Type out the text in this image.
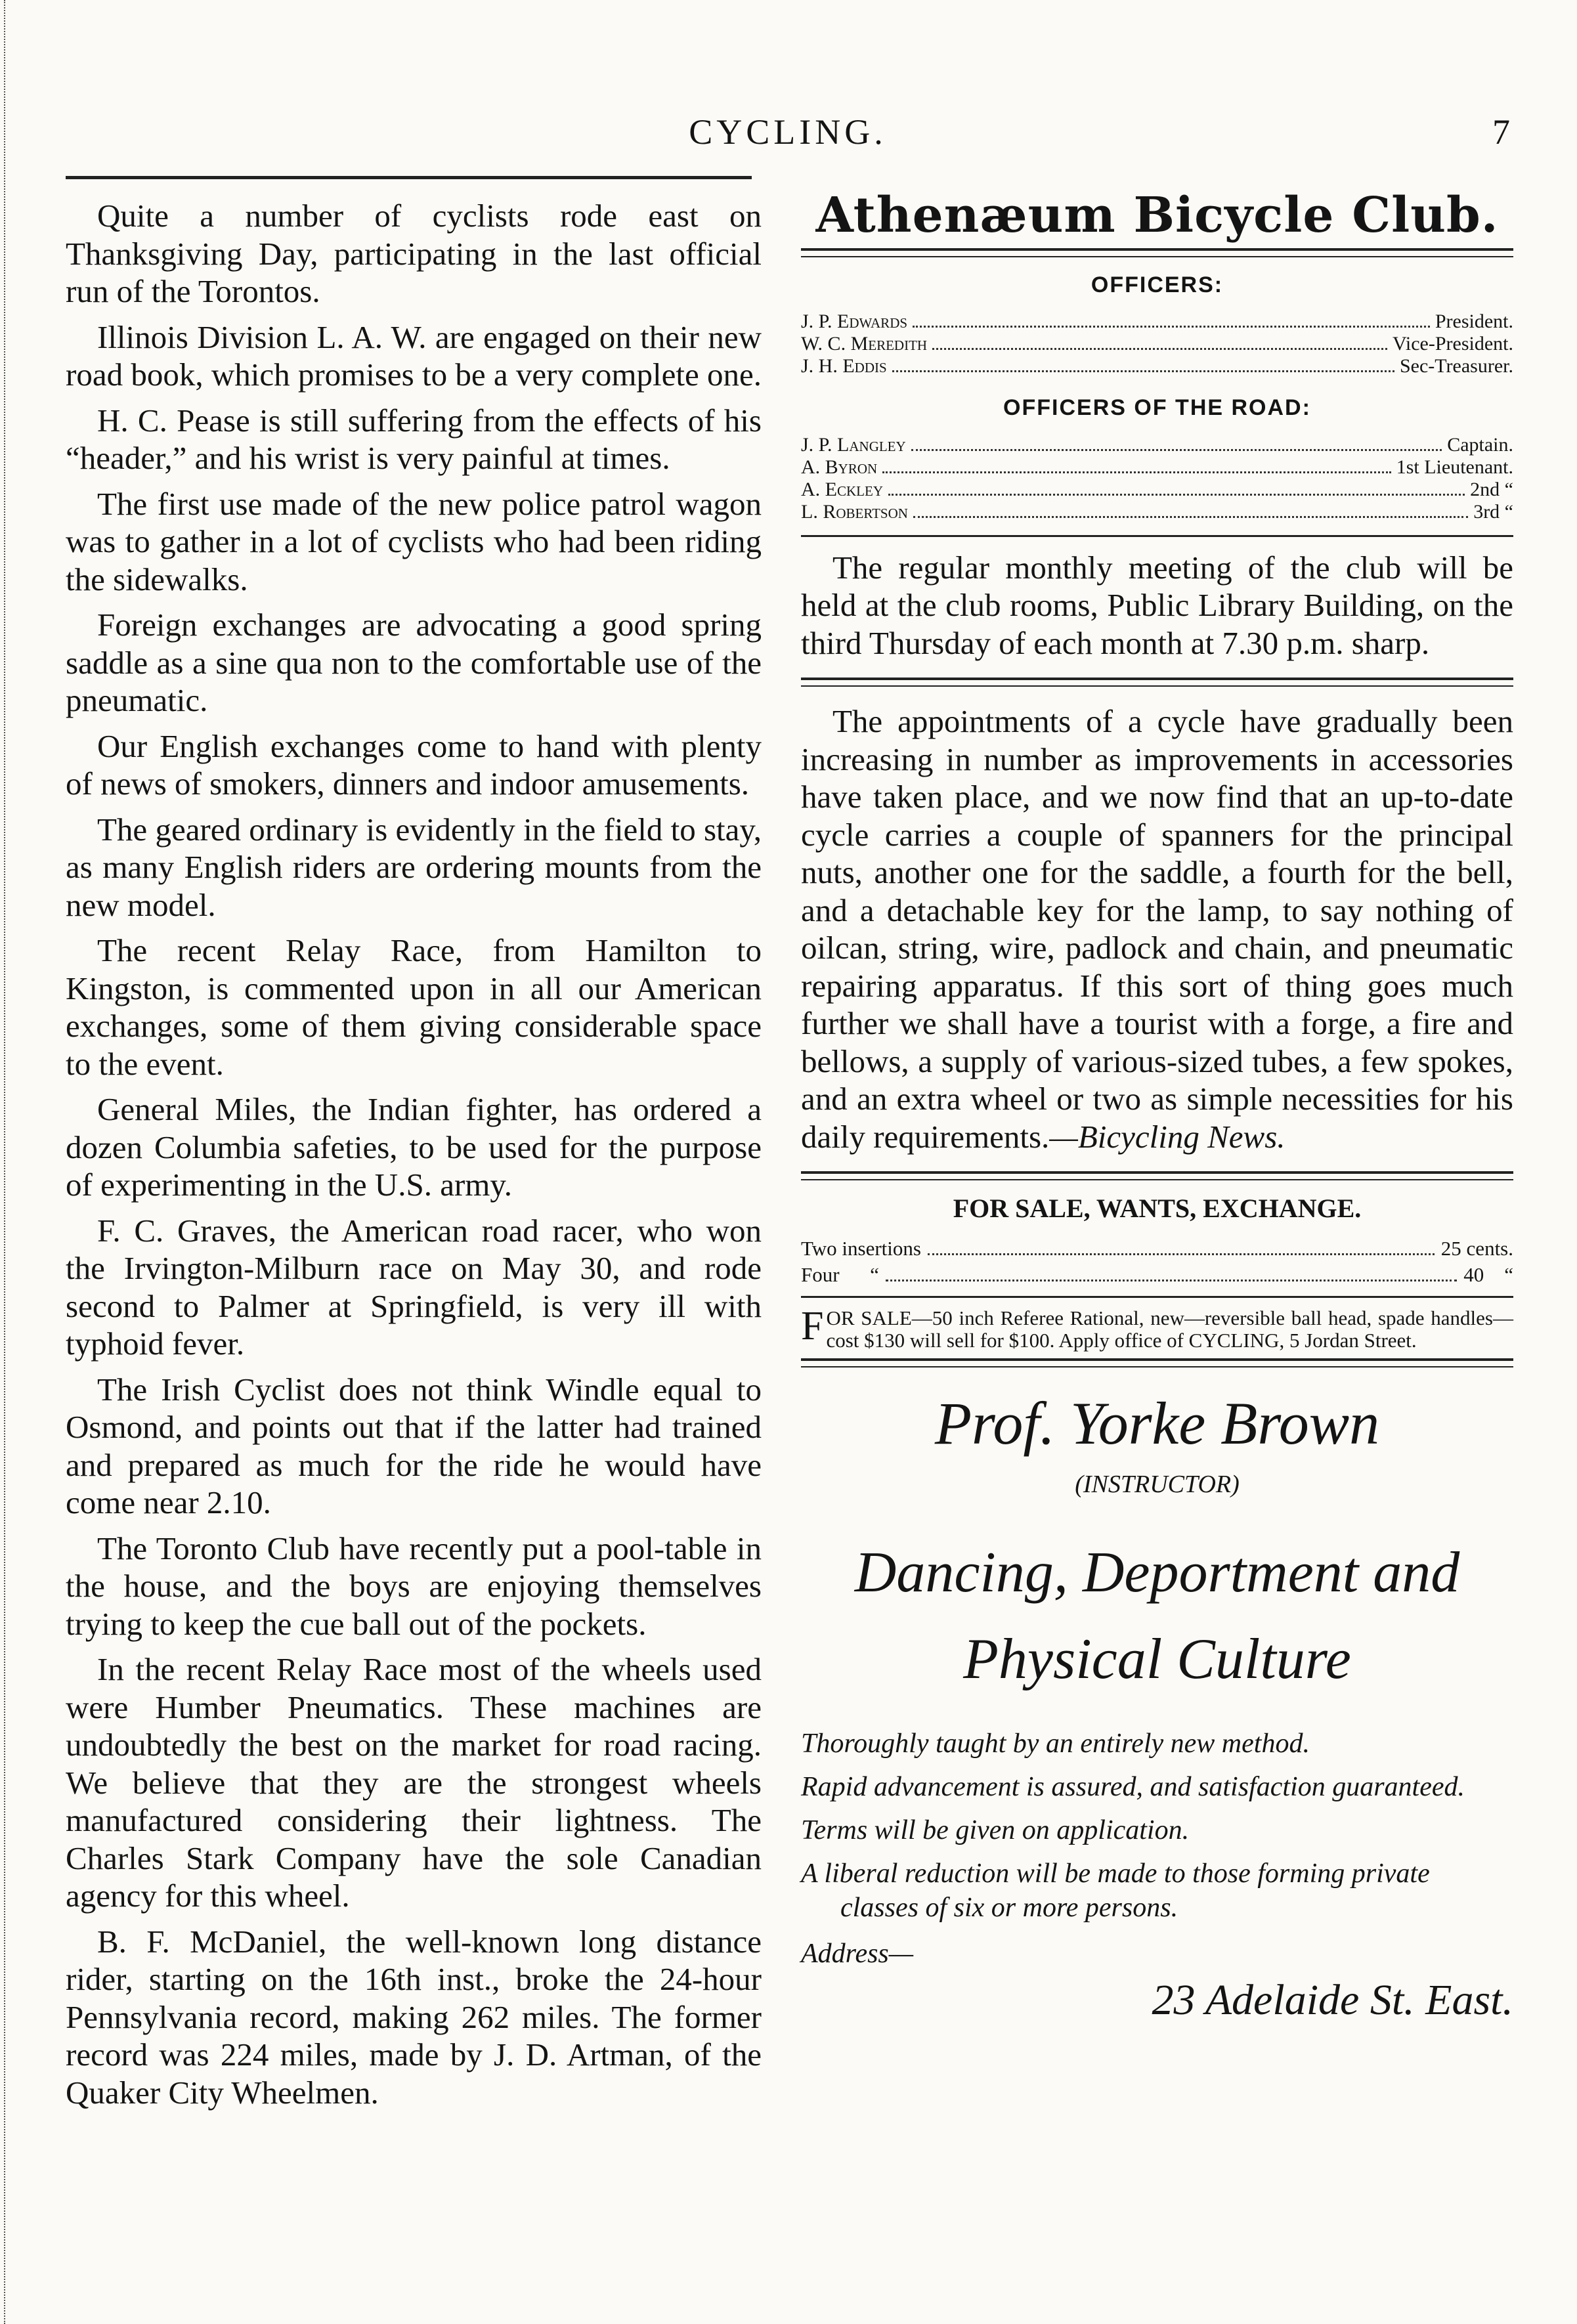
CYCLING.	7

Quite a number of cyclists rode east on Thanksgiving Day, participating in the last official run of the Torontos.

Illinois Division L. A. W. are engaged on their new road book, which promises to be a very complete one.

H. C. Pease is still suffering from the effects of his “header,” and his wrist is very painful at times.

The first use made of the new police patrol wagon was to gather in a lot of cyclists who had been riding the sidewalks.

Foreign exchanges are advocating a good spring saddle as a sine qua non to the comfortable use of the pneumatic.

Our English exchanges come to hand with plenty of news of smokers, dinners and indoor amusements.

The geared ordinary is evidently in the field to stay, as many English riders are ordering mounts from the new model.

The recent Relay Race, from Hamilton to Kingston, is commented upon in all our American exchanges, some of them giving considerable space to the event.

General Miles, the Indian fighter, has ordered a dozen Columbia safeties, to be used for the purpose of experimenting in the U.S. army.

F. C. Graves, the American road racer, who won the Irvington-Milburn race on May 30, and rode second to Palmer at Springfield, is very ill with typhoid fever.

The Irish Cyclist does not think Windle equal to Osmond, and points out that if the latter had trained and prepared as much for the ride he would have come near 2.10.

The Toronto Club have recently put a pool-table in the house, and the boys are enjoying themselves trying to keep the cue ball out of the pockets.

In the recent Relay Race most of the wheels used were Humber Pneumatics. These machines are undoubtedly the best on the market for road racing. We believe that they are the strongest wheels manufactured considering their lightness. The Charles Stark Company have the sole Canadian agency for this wheel.

B. F. McDaniel, the well-known long distance rider, starting on the 16th inst., broke the 24-hour Pennsylvania record, making 262 miles. The former record was 224 miles, made by J. D. Artman, of the Quaker City Wheelmen.

Athenæum Bicycle Club.
OFFICERS:
J. P. Edwards	President.
W. C. Meredith	Vice-President.
J. H. Eddis	Sec-Treasurer.
OFFICERS OF THE ROAD:
J. P. Langley	Captain.
A. Byron	1st Lieutenant.
A. Eckley	2nd “
L. Robertson	3rd “

The regular monthly meeting of the club will be held at the club rooms, Public Library Building, on the third Thursday of each month at 7.30 p.m. sharp.

The appointments of a cycle have gradually been increasing in number as improvements in accessories have taken place, and we now find that an up-to-date cycle carries a couple of spanners for the principal nuts, another one for the saddle, a fourth for the bell, and a detachable key for the lamp, to say nothing of oilcan, string, wire, padlock and chain, and pneumatic repairing apparatus. If this sort of thing goes much further we shall have a tourist with a forge, a fire and bellows, a supply of various-sized tubes, a few spokes, and an extra wheel or two as simple necessities for his daily requirements.—Bicycling News.

FOR SALE, WANTS, EXCHANGE.
Two insertions	25 cents.
Four      “	40    “
FOR SALE—50 inch Referee Rational, new—reversible ball head, spade handles—cost $130 will sell for $100. Apply office of CYCLING, 5 Jordan Street.
Prof. Yorke Brown
(INSTRUCTOR)
Dancing, Deportment and
Physical Culture
Thoroughly taught by an entirely new method.
Rapid advancement is assured, and satisfaction guaranteed.
Terms will be given on application.
A liberal reduction will be made to those forming private classes of six or more persons.
Address—
23 Adelaide St. East.
